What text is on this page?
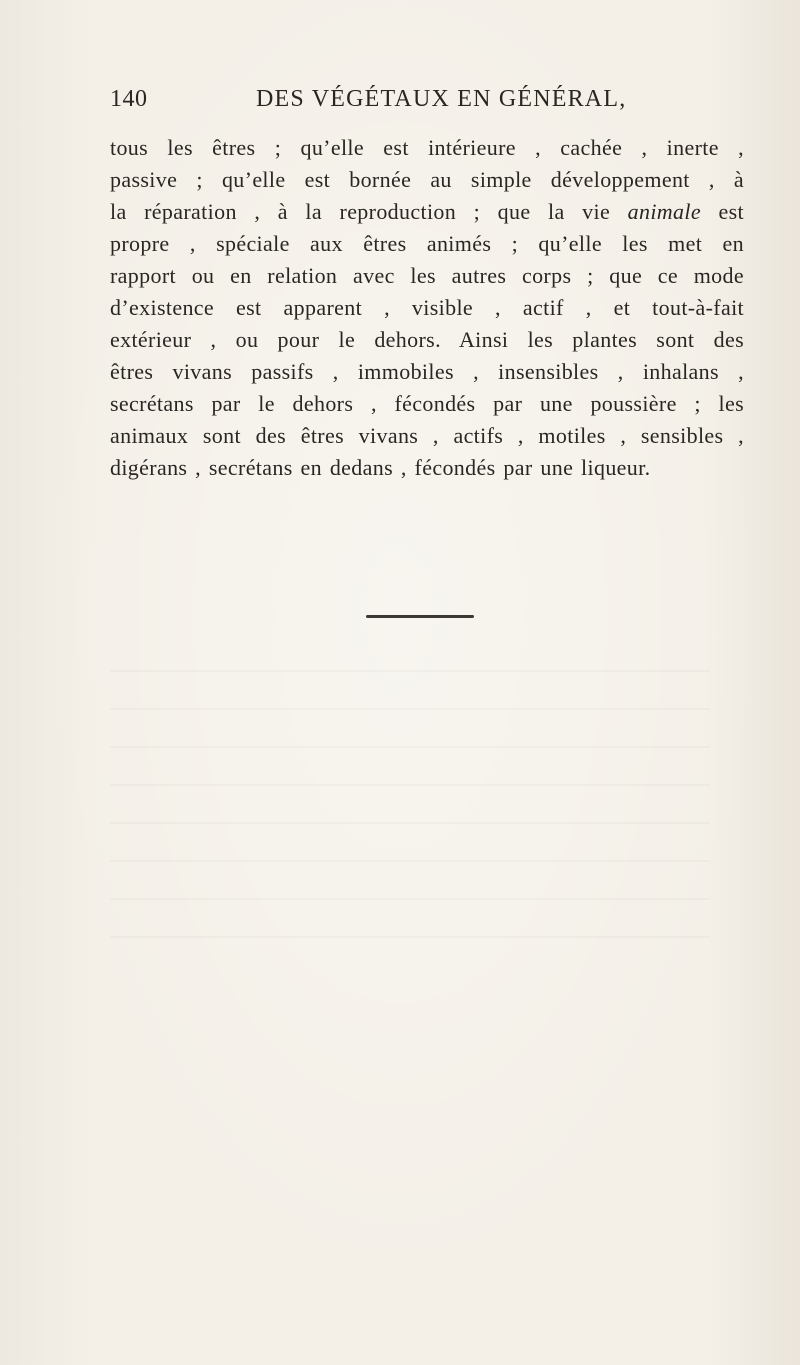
140	DES VÉGÉTAUX EN GÉNÉRAL,
tous les êtres ; qu’elle est intérieure , cachée , inerte ,
passive ; qu’elle est bornée au simple développement , à
la réparation , à la reproduction ; que la vie animale est
propre , spéciale aux êtres animés ; qu’elle les met en
rapport ou en relation avec les autres corps ; que ce mode
d’existence est apparent , visible , actif , et tout-à-fait
extérieur , ou pour le dehors. Ainsi les plantes sont des
êtres vivans passifs , immobiles , insensibles , inhalans ,
secrétans par le dehors , fécondés par une poussière ; les
animaux sont des êtres vivans , actifs , motiles , sensibles ,
digérans , secrétans en dedans , fécondés par une liqueur.
